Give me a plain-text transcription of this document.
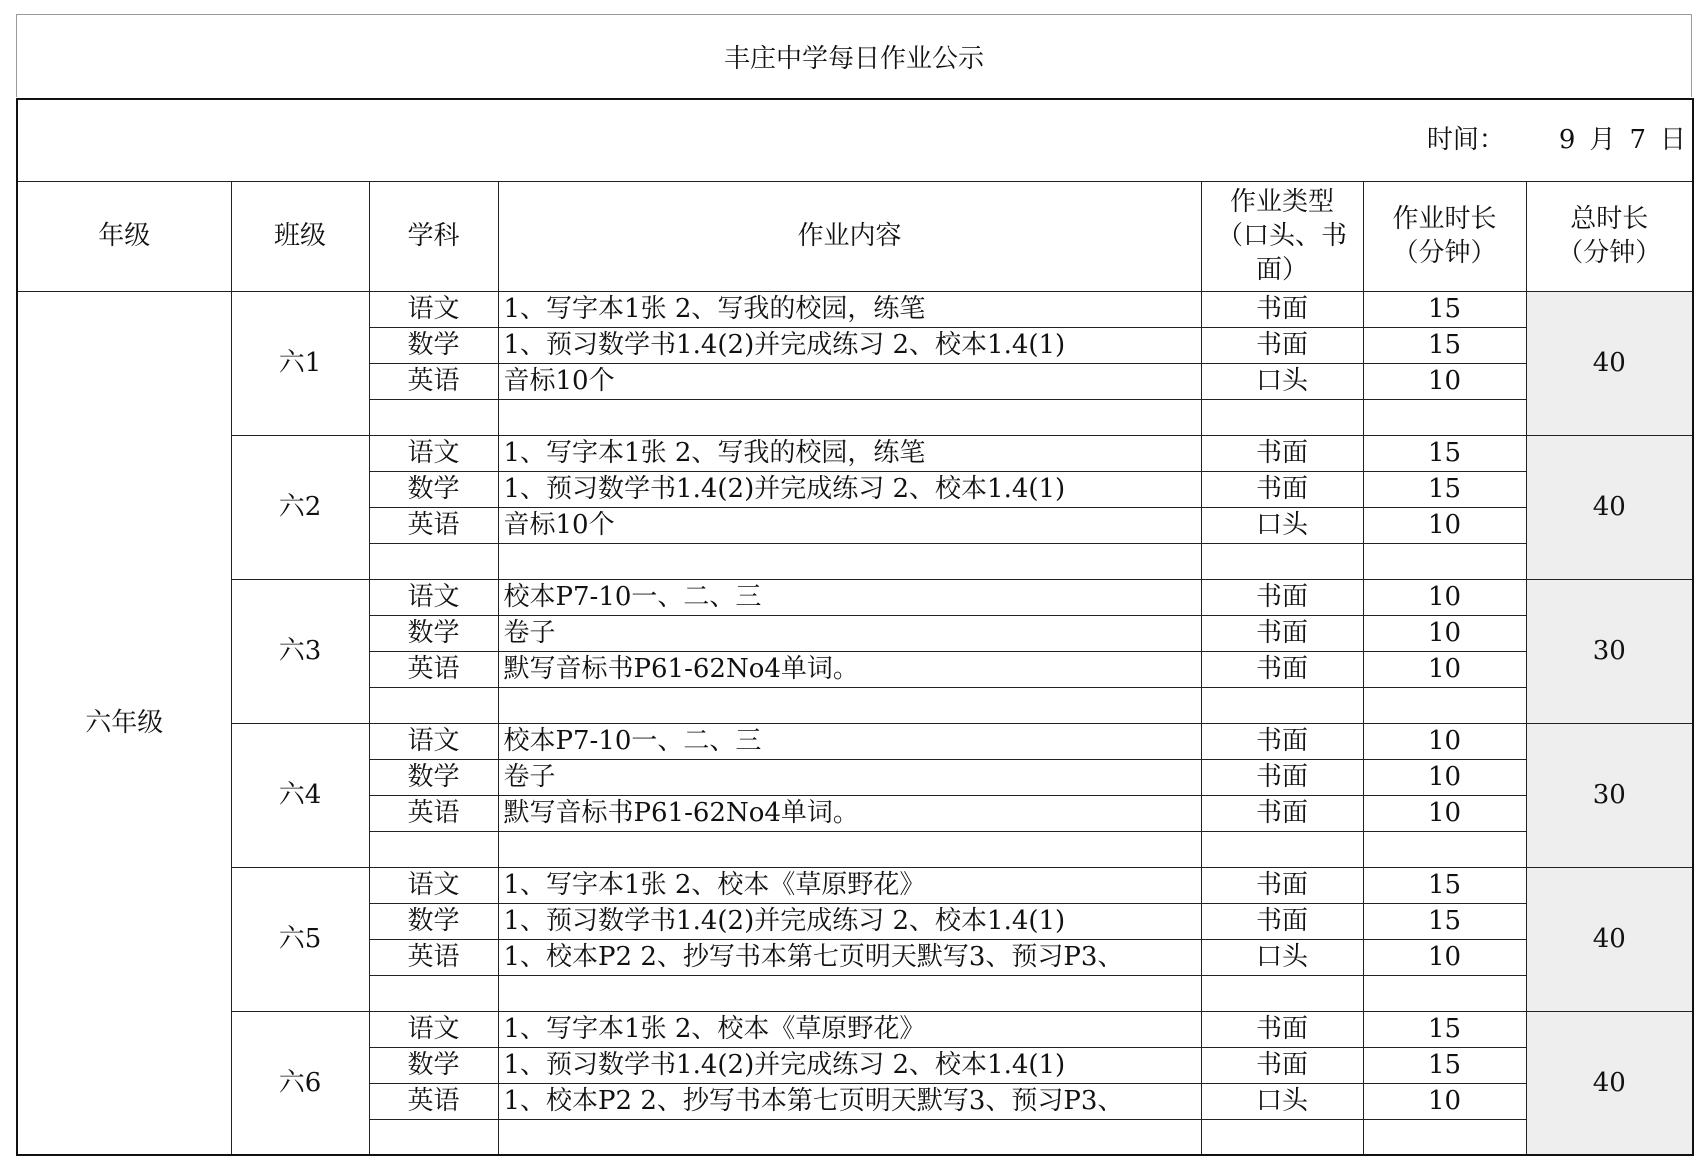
丰庄中学每日作业公示
时间： 9 月 7 日						
年级	班级	学科	作业内容	作业类型（口头、书面）	作业时长（分钟）	总时长（分钟）
六年级	六1	语文	1、写字本1张 2、写我的校园，练笔	书面	15	40
		数学	1、预习数学书1.4(2)并完成练习 2、校本1.4(1)	书面	15	
		英语	音标10个	口头	10	

	六2	语文	1、写字本1张 2、写我的校园，练笔	书面	15	40
		数学	1、预习数学书1.4(2)并完成练习 2、校本1.4(1)	书面	15	
		英语	音标10个	口头	10	

	六3	语文	校本P7-10一、二、三	书面	10	30
		数学	卷子	书面	10	
		英语	默写音标书P61-62No4单词。	书面	10	

	六4	语文	校本P7-10一、二、三	书面	10	30
		数学	卷子	书面	10	
		英语	默写音标书P61-62No4单词。	书面	10	

	六5	语文	1、写字本1张 2、校本《草原野花》	书面	15	40
		数学	1、预习数学书1.4(2)并完成练习 2、校本1.4(1)	书面	15	
		英语	1、校本P2 2、抄写书本第七页明天默写3、预习P3、	口头	10	

	六6	语文	1、写字本1张 2、校本《草原野花》	书面	15	40
		数学	1、预习数学书1.4(2)并完成练习 2、校本1.4(1)	书面	15	
		英语	1、校本P2 2、抄写书本第七页明天默写3、预习P3、	口头	10	
